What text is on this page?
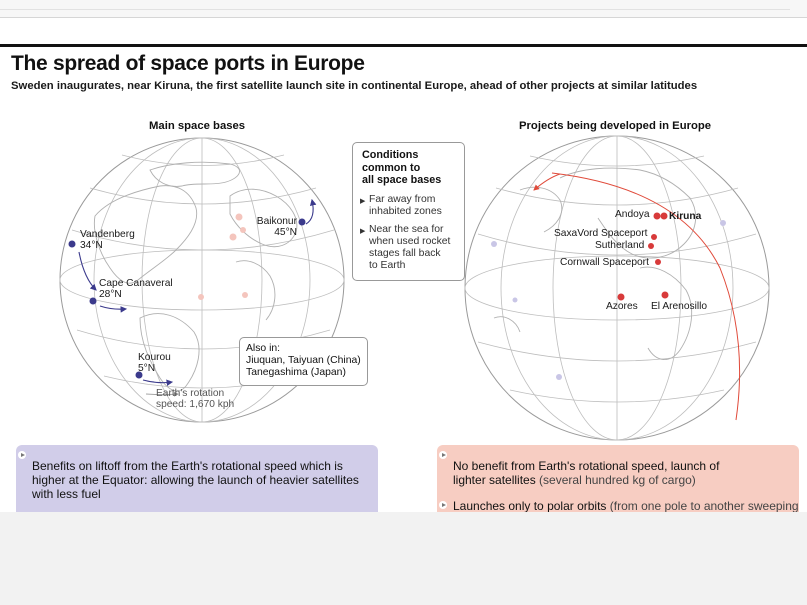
The spread of space ports in Europe
Sweden inaugurates, near Kiruna, the first satellite launch site in continental Europe, ahead of other projects at similar latitudes
Main space bases	Projects being developed in Europe
Vandenberg
34°N
Cape Canaveral
28°N
Kourou
5°N
Baikonur
45°N
Earth's rotation
speed: 1,670 kph
Also in:
Jiuquan, Taiyuan (China)
Tanegashima (Japan)
Conditions
common to
all space bases
▶ Far away from
inhabited zones
▶ Near the sea for
when used rocket
stages fall back
to Earth
Andoya Kiruna
SaxaVord Spaceport
Sutherland
Cornwall Spaceport
Azores El Arenosillo
Benefits on liftoff from the Earth's rotational speed which is
higher at the Equator: allowing the launch of heavier satellites
with less fuel
No benefit from Earth's rotational speed, launch of
lighter satellites (several hundred kg of cargo)
Launches only to polar orbits (from one pole to another sweeping
